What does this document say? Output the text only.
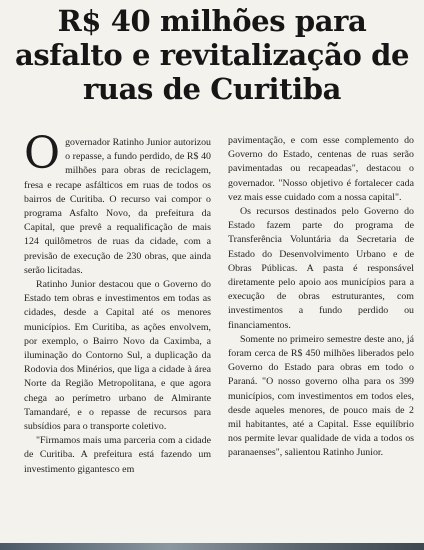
R$ 40 milhões para
asfalto e revitalização de
ruas de Curitiba

Ogovernador Ratinho Junior autorizou o repasse, a fundo perdido, de R$ 40 milhões para obras de reciclagem, fresa e recape asfálticos em ruas de todos os bairros de Curitiba. O recurso vai compor o programa Asfalto Novo, da prefeitura da Capital, que prevê a requalificação de mais 124 quilômetros de ruas da cidade, com a previsão de execução de 230 obras, que ainda serão licitadas.

Ratinho Junior destacou que o Governo do Estado tem obras e investimentos em todas as cidades, desde a Capital até os menores municípios. Em Curitiba, as ações envolvem, por exemplo, o Bairro Novo da Caximba, a iluminação do Contorno Sul, a duplicação da Rodovia dos Minérios, que liga a cidade à área Norte da Região Metropolitana, e que agora chega ao perímetro urbano de Almirante Tamandaré, e o repasse de recursos para subsídios para o transporte coletivo.

"Firmamos mais uma parceria com a cidade de Curitiba. A prefeitura está fazendo um investimento gigantesco em

pavimentação, e com esse complemento do Governo do Estado, centenas de ruas serão pavimentadas ou recapeadas", destacou o governador. "Nosso objetivo é fortalecer cada vez mais esse cuidado com a nossa capital".

Os recursos destinados pelo Governo do Estado fazem parte do programa de Transferência Voluntária da Secretaria de Estado do Desenvolvimento Urbano e de Obras Públicas. A pasta é responsável diretamente pelo apoio aos municípios para a execução de obras estruturantes, com investimentos a fundo perdido ou financiamentos.

Somente no primeiro semestre deste ano, já foram cerca de R$ 450 milhões liberados pelo Governo do Estado para obras em todo o Paraná. "O nosso governo olha para os 399 municípios, com investimentos em todos eles, desde aqueles menores, de pouco mais de 2 mil habitantes, até a Capital. Esse equilíbrio nos permite levar qualidade de vida a todos os paranaenses", salientou Ratinho Junior.
